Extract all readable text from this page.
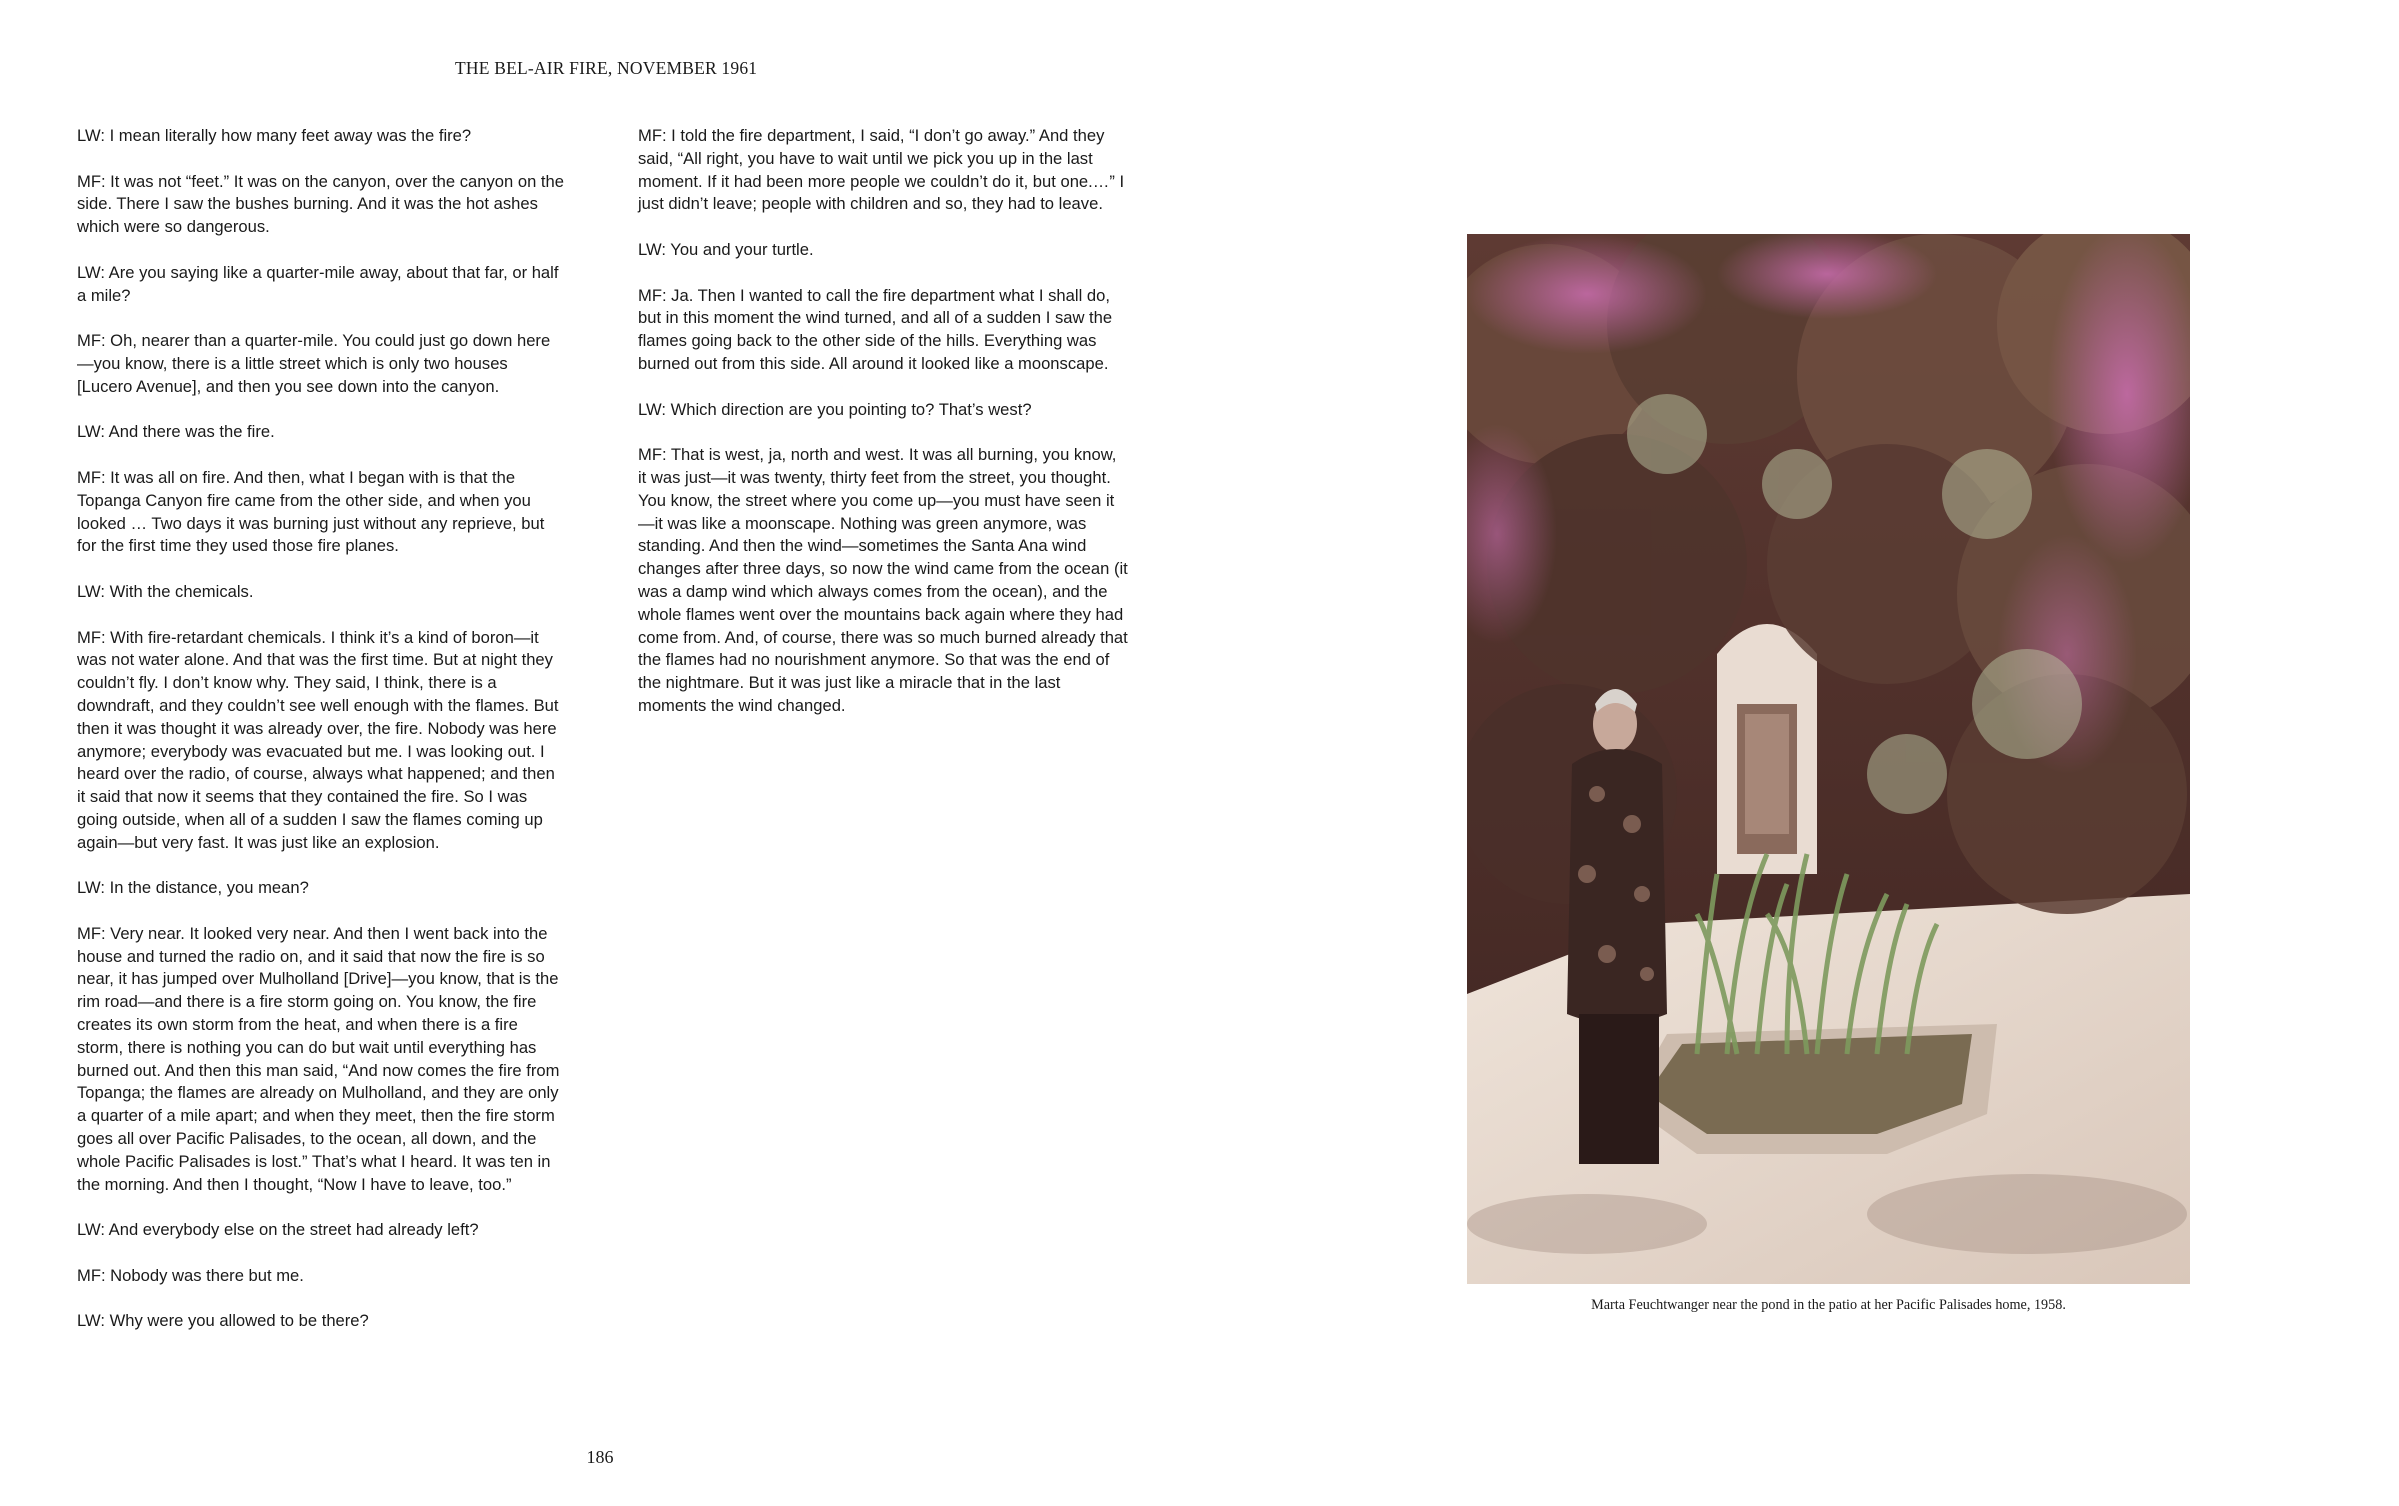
THE BEL-AIR FIRE, NOVEMBER 1961

LW: I mean literally how many feet away was the fire?

MF: It was not “feet.” It was on the canyon, over the canyon on the side. There I saw the bushes burning. And it was the hot ashes which were so dangerous.

LW: Are you saying like a quarter-mile away, about that far, or half a mile?

MF: Oh, nearer than a quarter-mile. You could just go down here—you know, there is a little street which is only two houses [Lucero Avenue], and then you see down into the canyon.

LW: And there was the fire.

MF: It was all on fire. And then, what I began with is that the Topanga Canyon fire came from the other side, and when you looked … Two days it was burning just without any reprieve, but for the first time they used those fire planes.

LW: With the chemicals.

MF: With fire-retardant chemicals. I think it’s a kind of boron—it was not water alone. And that was the first time. But at night they couldn’t fly. I don’t know why. They said, I think, there is a downdraft, and they couldn’t see well enough with the flames. But then it was thought it was already over, the fire. Nobody was here anymore; everybody was evacuated but me. I was looking out. I heard over the radio, of course, always what happened; and then it said that now it seems that they contained the fire. So I was going outside, when all of a sudden I saw the flames coming up again—but very fast. It was just like an explosion.

LW: In the distance, you mean?

MF: Very near. It looked very near. And then I went back into the house and turned the radio on, and it said that now the fire is so near, it has jumped over Mulholland [Drive]—you know, that is the rim road—and there is a fire storm going on. You know, the fire creates its own storm from the heat, and when there is a fire storm, there is nothing you can do but wait until everything has burned out. And then this man said, “And now comes the fire from Topanga; the flames are already on Mulholland, and they are only a quarter of a mile apart; and when they meet, then the fire storm goes all over Pacific Palisades, to the ocean, all down, and the whole Pacific Palisades is lost.” That’s what I heard. It was ten in the morning. And then I thought, “Now I have to leave, too.”

LW: And everybody else on the street had already left?

MF: Nobody was there but me.

LW: Why were you allowed to be there?

MF: I told the fire department, I said, “I don’t go away.” And they said, “All right, you have to wait until we pick you up in the last moment. If it had been more people we couldn’t do it, but one.…” I just didn’t leave; people with children and so, they had to leave.

LW: You and your turtle.

MF: Ja. Then I wanted to call the fire department what I shall do, but in this moment the wind turned, and all of a sudden I saw the flames going back to the other side of the hills. Everything was burned out from this side. All around it looked like a moonscape.

LW: Which direction are you pointing to? That’s west?

MF: That is west, ja, north and west. It was all burning, you know, it was just—it was twenty, thirty feet from the street, you thought. You know, the street where you come up—you must have seen it—it was like a moonscape. Nothing was green anymore, was standing. And then the wind—sometimes the Santa Ana wind changes after three days, so now the wind came from the ocean (it was a damp wind which always comes from the ocean), and the whole flames went over the mountains back again where they had come from. And, of course, there was so much burned already that the flames had no nourishment anymore. So that was the end of the nightmare. But it was just like a miracle that in the last moments the wind changed.

186
Marta Feuchtwanger near the pond in the patio at her Pacific Palisades home, 1958.
